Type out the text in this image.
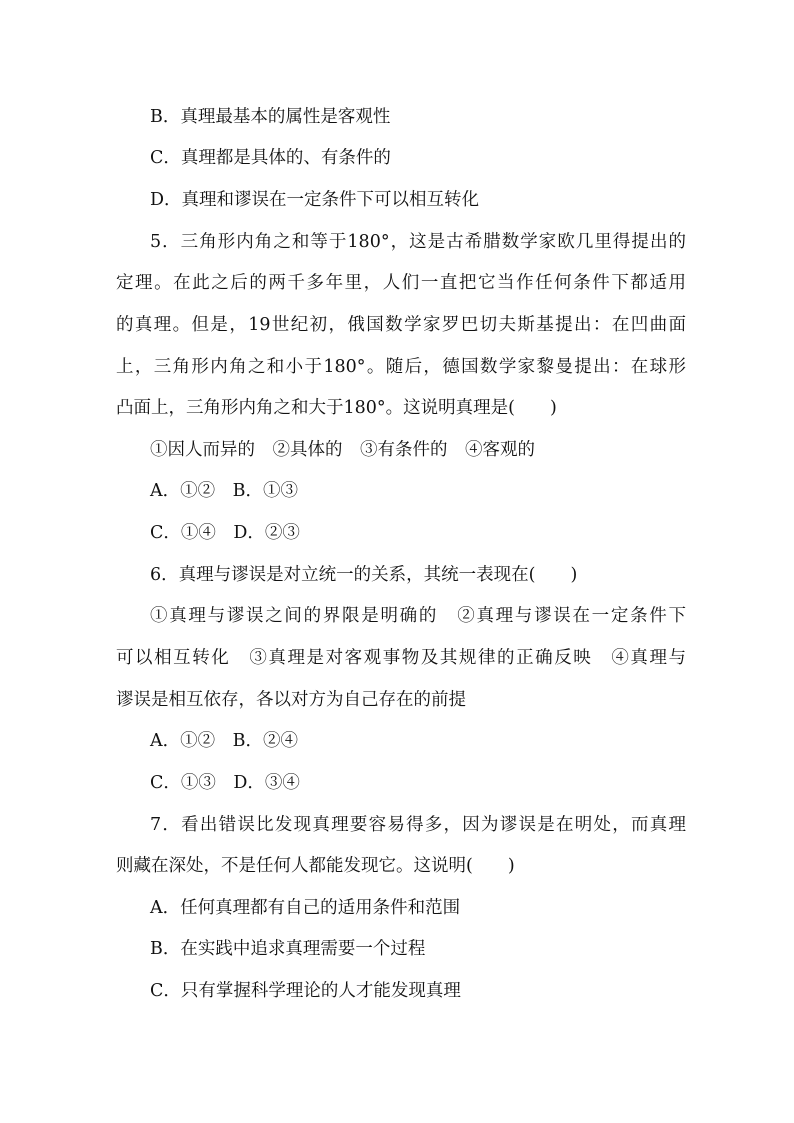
B．真理最基本的属性是客观性
C．真理都是具体的、有条件的
D．真理和谬误在一定条件下可以相互转化
5．三角形内角之和等于180°，这是古希腊数学家欧几里得提出的
定理。在此之后的两千多年里，人们一直把它当作任何条件下都适用
的真理。但是，19世纪初，俄国数学家罗巴切夫斯基提出：在凹曲面
上，三角形内角之和小于180°。随后，德国数学家黎曼提出：在球形
凸面上，三角形内角之和大于180°。这说明真理是(　　)
①因人而异的　②具体的　③有条件的　④客观的
A．①②　B．①③
C．①④　D．②③
6．真理与谬误是对立统一的关系，其统一表现在(　　)
①真理与谬误之间的界限是明确的　②真理与谬误在一定条件下
可以相互转化　③真理是对客观事物及其规律的正确反映　④真理与
谬误是相互依存，各以对方为自己存在的前提
A．①②　B．②④
C．①③　D．③④
7．看出错误比发现真理要容易得多，因为谬误是在明处，而真理
则藏在深处，不是任何人都能发现它。这说明(　　)
A．任何真理都有自己的适用条件和范围
B．在实践中追求真理需要一个过程
C．只有掌握科学理论的人才能发现真理
